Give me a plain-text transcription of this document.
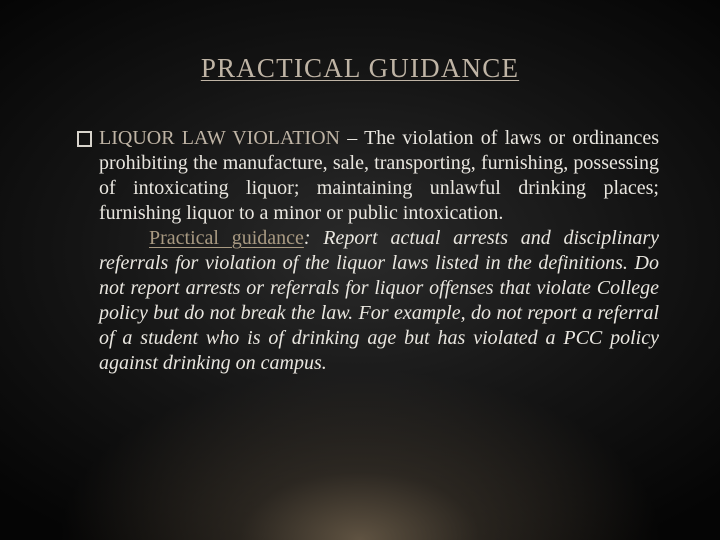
PRACTICAL GUIDANCE
LIQUOR LAW VIOLATION – The violation of laws or ordinances prohibiting the manufacture, sale, transporting, furnishing, possessing of intoxicating liquor; maintaining unlawful drinking places; furnishing liquor to a minor or public intoxication.
Practical guidance: Report actual arrests and disciplinary referrals for violation of the liquor laws listed in the definitions. Do not report arrests or referrals for liquor offenses that violate College policy but do not break the law. For example, do not report a referral of a student who is of drinking age but has violated a PCC policy against drinking on campus.
